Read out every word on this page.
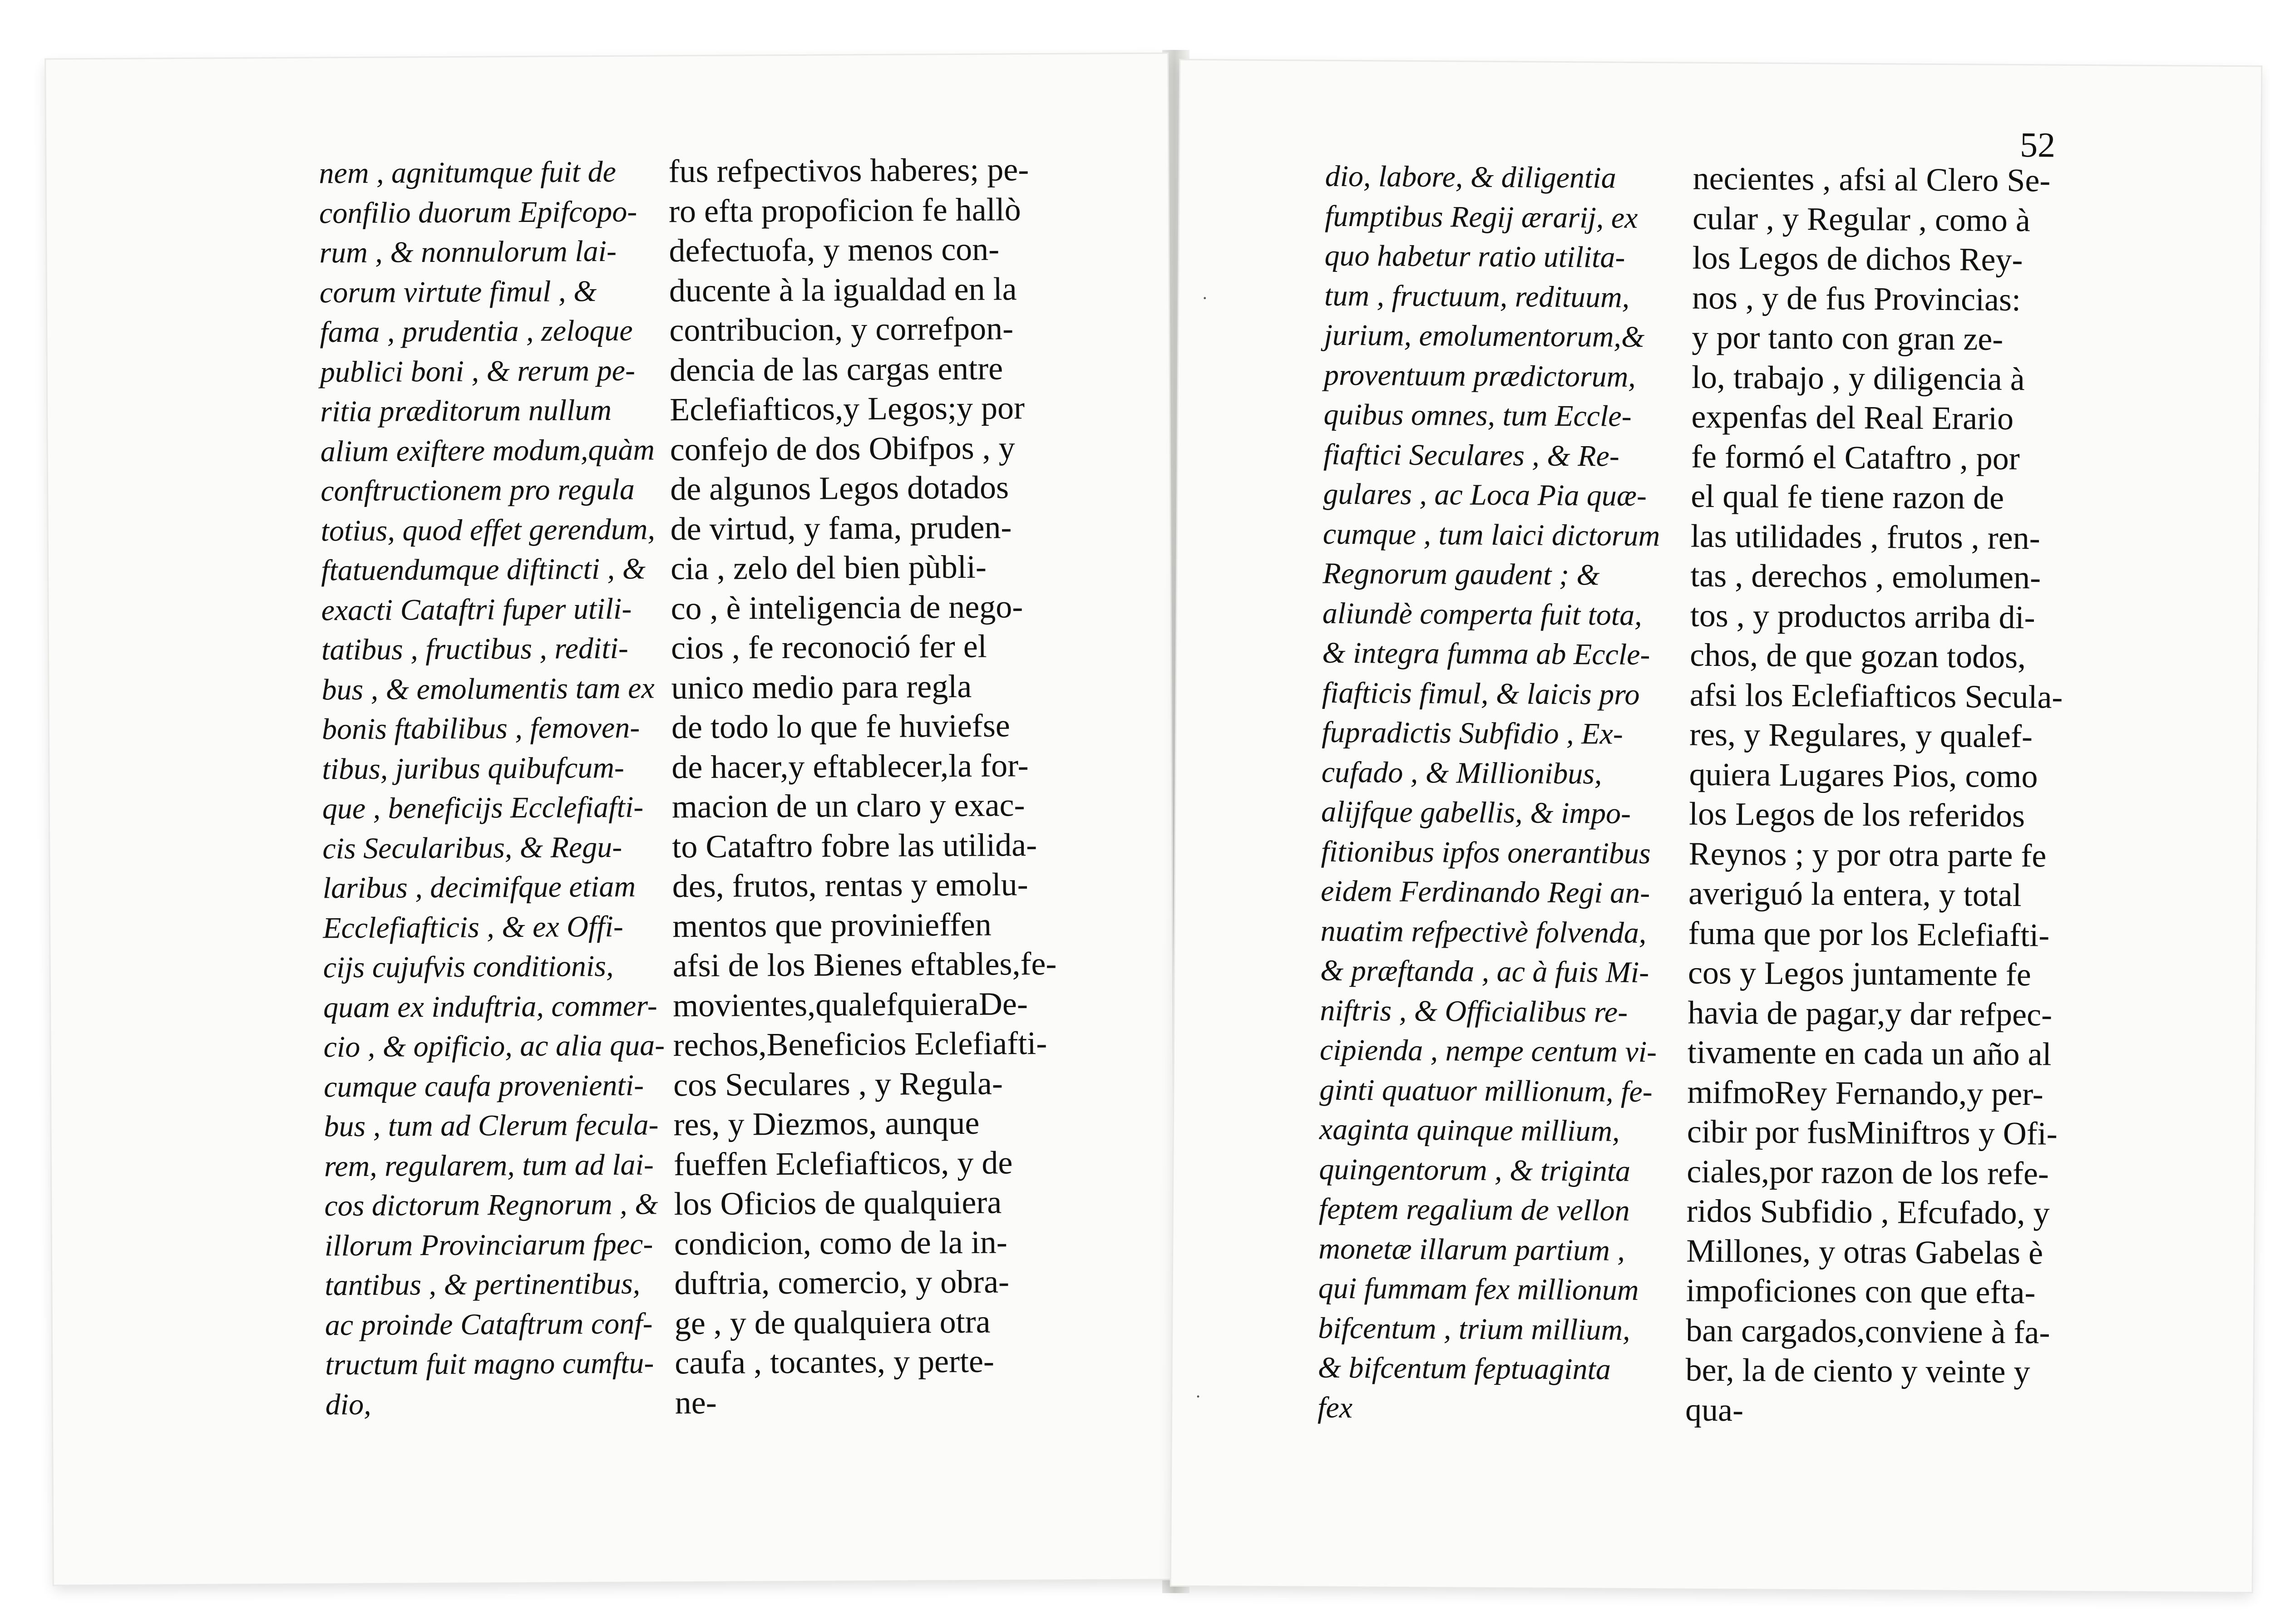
nem , agnitumque fuit de
confilio duorum Epifcopo-
rum , & nonnulorum lai-
corum virtute fimul , &
fama , prudentia , zeloque
publici boni , & rerum pe-
ritia præditorum nullum
alium exiftere modum,quàm
conftructionem pro regula
totius, quod effet gerendum,
ftatuendumque diftincti , &
exacti Cataftri fuper utili-
tatibus , fructibus , rediti-
bus , & emolumentis tam ex
bonis ftabilibus , femoven-
tibus, juribus quibufcum-
que , beneficijs Ecclefiafti-
cis Secularibus, & Regu-
laribus , decimifque etiam
Ecclefiafticis , & ex Offi-
cijs cujufvis conditionis,
quam ex induftria, commer-
cio , & opificio, ac alia qua-
cumque caufa provenienti-
bus , tum ad Clerum fecula-
rem, regularem, tum ad lai-
cos dictorum Regnorum , &
illorum Provinciarum fpec-
tantibus , & pertinentibus,
ac proinde Cataftrum conf-
tructum fuit magno cumftu-
dio,
fus refpectivos haberes; pe-
ro efta propoficion fe hallò
defectuofa, y menos con-
ducente à la igualdad en la
contribucion, y correfpon-
dencia de las cargas entre
Eclefiafticos,y Legos;y por
confejo de dos Obifpos , y
de algunos Legos dotados
de virtud, y fama, pruden-
cia , zelo del bien pùbli-
co , è inteligencia de nego-
cios , fe reconoció fer el
unico medio para regla
de todo lo que fe huviefse
de hacer,y eftablecer,la for-
macion de un claro y exac-
to Cataftro fobre las utilida-
des, frutos, rentas y emolu-
mentos que provinieffen
afsi de los Bienes eftables,fe-
movientes,qualefquieraDe-
rechos,Beneficios Eclefiafti-
cos Seculares , y Regula-
res, y Diezmos, aunque
fueffen Eclefiafticos, y de
los Oficios de qualquiera
condicion, como de la in-
duftria, comercio, y obra-
ge , y de qualquiera otra
caufa , tocantes, y perte-
ne-
52
·
·
dio, labore, & diligentia
fumptibus Regij ærarij, ex
quo habetur ratio utilita-
tum , fructuum, redituum,
jurium, emolumentorum,&
proventuum prædictorum,
quibus omnes, tum Eccle-
fiaftici Seculares , & Re-
gulares , ac Loca Pia quæ-
cumque , tum laici dictorum
Regnorum gaudent ; &
aliundè comperta fuit tota,
& integra fumma ab Eccle-
fiafticis fimul, & laicis pro
fupradictis Subfidio , Ex-
cufado , & Millionibus,
alijfque gabellis, & impo-
fitionibus ipfos onerantibus
eidem Ferdinando Regi an-
nuatim refpectivè folvenda,
& præftanda , ac à fuis Mi-
niftris , & Officialibus re-
cipienda , nempe centum vi-
ginti quatuor millionum, fe-
xaginta quinque millium,
quingentorum , & triginta
feptem regalium de vellon
monetæ illarum partium ,
qui fummam fex millionum
bifcentum , trium millium,
& bifcentum feptuaginta
fex
necientes , afsi al Clero Se-
cular , y Regular , como à
los Legos de dichos Rey-
nos , y de fus Provincias:
y por tanto con gran ze-
lo, trabajo , y diligencia à
expenfas del Real Erario
fe formó el Cataftro , por
el qual fe tiene razon de
las utilidades , frutos , ren-
tas , derechos , emolumen-
tos , y productos arriba di-
chos, de que gozan todos,
afsi los Eclefiafticos Secula-
res, y Regulares, y qualef-
quiera Lugares Pios, como
los Legos de los referidos
Reynos ; y por otra parte fe
averiguó la entera, y total
fuma que por los Eclefiafti-
cos y Legos juntamente fe
havia de pagar,y dar refpec-
tivamente en cada un año al
mifmoRey Fernando,y per-
cibir por fusMiniftros y Ofi-
ciales,por razon de los refe-
ridos Subfidio , Efcufado, y
Millones, y otras Gabelas è
impoficiones con que efta-
ban cargados,conviene à fa-
ber, la de ciento y veinte y
qua-
